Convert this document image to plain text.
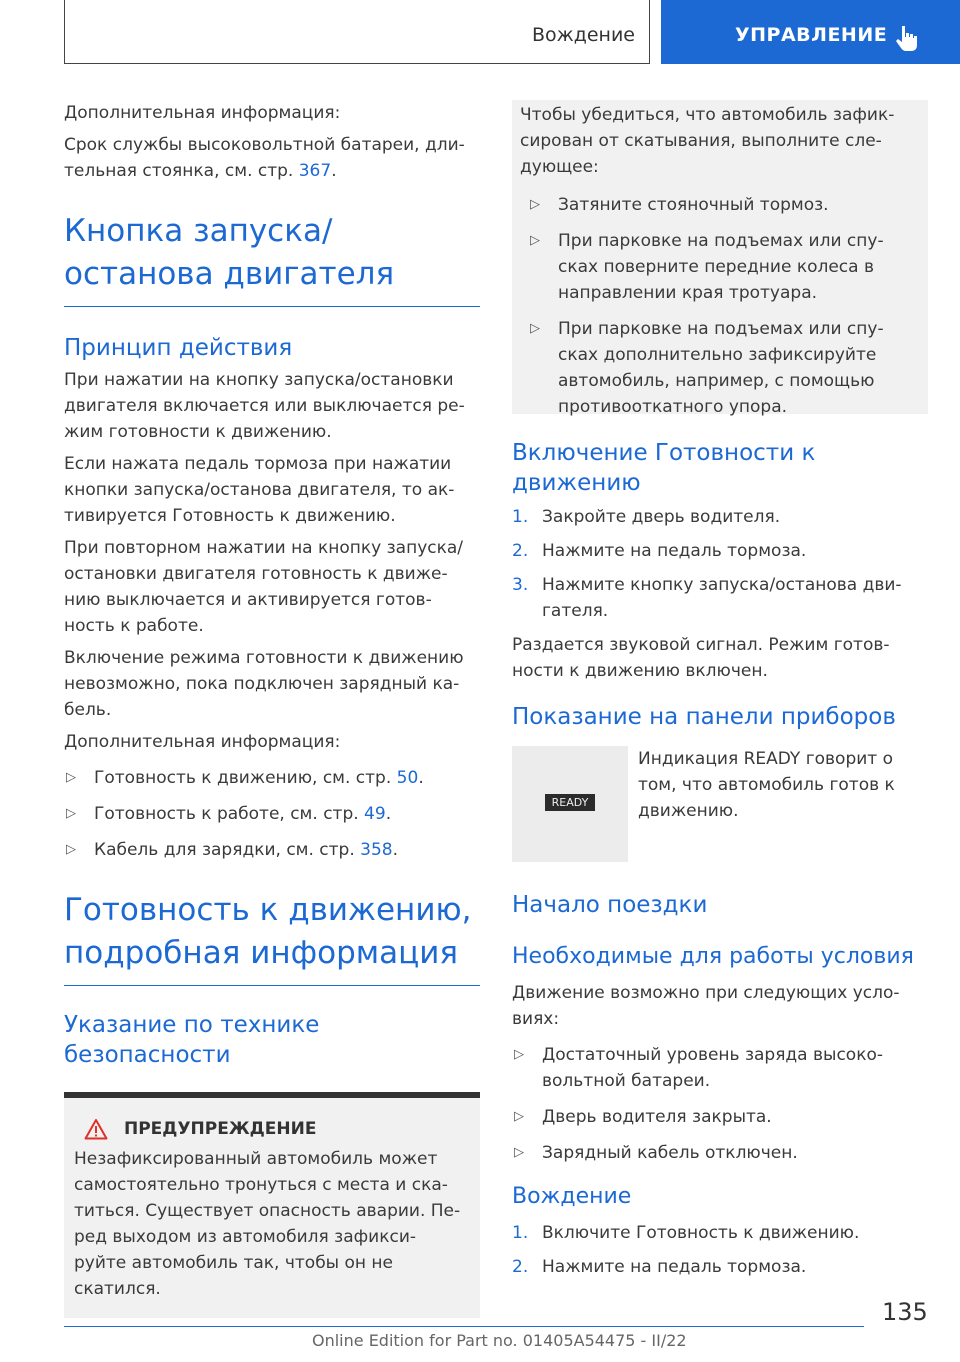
Вождение	УПРАВЛЕНИЕ

Дополнительная информация:

Срок службы высоковольтной батареи, дли-тельная стоянка, см. стр. 367.

Кнопка запуска/останова двигателя
Принцип действия

При нажатии на кнопку запуска/остановки двигателя включается или выключается ре-жим готовности к движению.

Если нажата педаль тормоза при нажатии кнопки запуска/останова двигателя, то ак-тивируется Готовность к движению.

При повторном нажатии на кнопку запуска/ остановки двигателя готовность к движе-нию выключается и активируется готов-ность к работе.

Включение режима готовности к движению невозможно, пока подключен зарядный ка-бель.

Дополнительная информация:

▷ Готовность к движению, см. стр. 50.
▷ Готовность к работе, см. стр. 49.
▷ Кабель для зарядки, см. стр. 358.
Готовность к движению, подробная информация
Указание по технике безопасности
ПРЕДУПРЕЖДЕНИЕ

Незафиксированный автомобиль может самостоятельно тронуться с места и ска-титься. Существует опасность аварии. Пе-ред выходом из автомобиля зафикси-руйте автомобиль так, чтобы он не скатился.

Чтобы убедиться, что автомобиль зафик-сирован от скатывания, выполните сле-дующее:

▷ Затяните стояночный тормоз.
▷ При парковке на подъемах или спу-сках поверните передние колеса в направлении края тротуара.
▷ При парковке на подъемах или спу-сках дополнительно зафиксируйте автомобиль, например, с помощью противооткатного упора.
Включение Готовности к движению
1. Закройте дверь водителя.
2. Нажмите на педаль тормоза.
3. Нажмите кнопку запуска/останова дви-гателя.

Раздается звуковой сигнал. Режим готов-ности к движению включен.

Показание на панели приборов
READY

Индикация READY говорит о том, что автомобиль готов к движению.

Начало поездки
Необходимые для работы условия

Движение возможно при следующих усло-виях:

▷ Достаточный уровень заряда высоко-вольтной батареи.
▷ Дверь водителя закрыта.
▷ Зарядный кабель отключен.
Вождение
1. Включите Готовность к движению.
2. Нажмите на педаль тормоза.
135
Online Edition for Part no. 01405A54475 - II/22
